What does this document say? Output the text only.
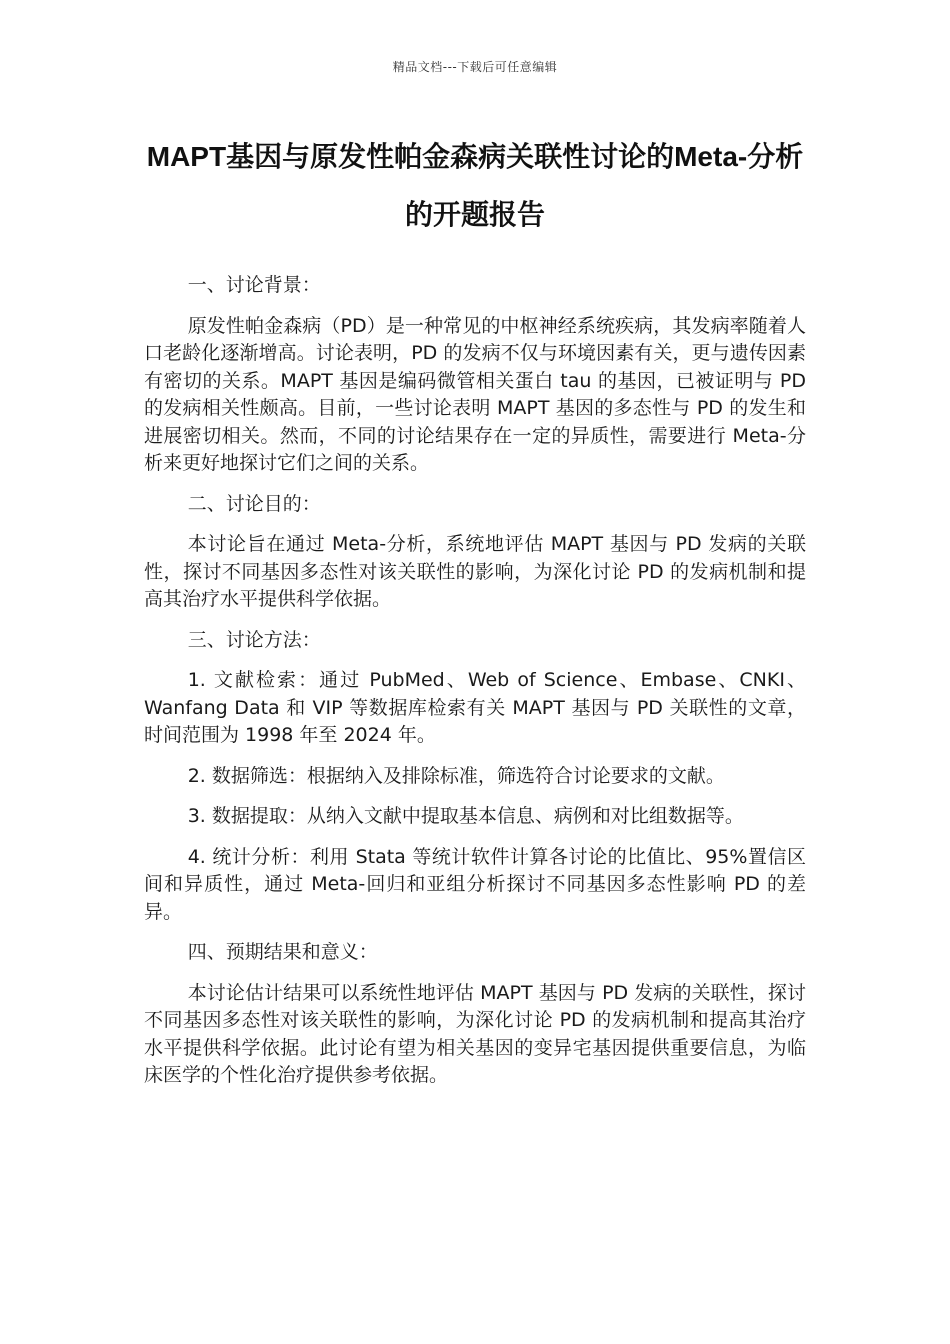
精品文档---下载后可任意编辑
MAPT基因与原发性帕金森病关联性讨论的Meta-分析的开题报告

一、讨论背景：

原发性帕金森病（PD）是一种常见的中枢神经系统疾病，其发病率随着人口老龄化逐渐增高。讨论表明，PD 的发病不仅与环境因素有关，更与遗传因素有密切的关系。MAPT 基因是编码微管相关蛋白 tau 的基因，已被证明与 PD 的发病相关性颇高。目前，一些讨论表明 MAPT 基因的多态性与 PD 的发生和进展密切相关。然而，不同的讨论结果存在一定的异质性，需要进行 Meta-分析来更好地探讨它们之间的关系。

二、讨论目的：

本讨论旨在通过 Meta-分析，系统地评估 MAPT 基因与 PD 发病的关联性，探讨不同基因多态性对该关联性的影响，为深化讨论 PD 的发病机制和提高其治疗水平提供科学依据。

三、讨论方法：

1. 文献检索：通过 PubMed、Web of Science、Embase、CNKI、Wanfang Data 和 VIP 等数据库检索有关 MAPT 基因与 PD 关联性的文章，时间范围为 1998 年至 2024 年。

2. 数据筛选：根据纳入及排除标准，筛选符合讨论要求的文献。

3. 数据提取：从纳入文献中提取基本信息、病例和对比组数据等。

4. 统计分析：利用 Stata 等统计软件计算各讨论的比值比、95%置信区间和异质性，通过 Meta-回归和亚组分析探讨不同基因多态性影响 PD 的差异。

四、预期结果和意义：

本讨论估计结果可以系统性地评估 MAPT 基因与 PD 发病的关联性，探讨不同基因多态性对该关联性的影响，为深化讨论 PD 的发病机制和提高其治疗水平提供科学依据。此讨论有望为相关基因的变异宅基因提供重要信息，为临床医学的个性化治疗提供参考依据。
